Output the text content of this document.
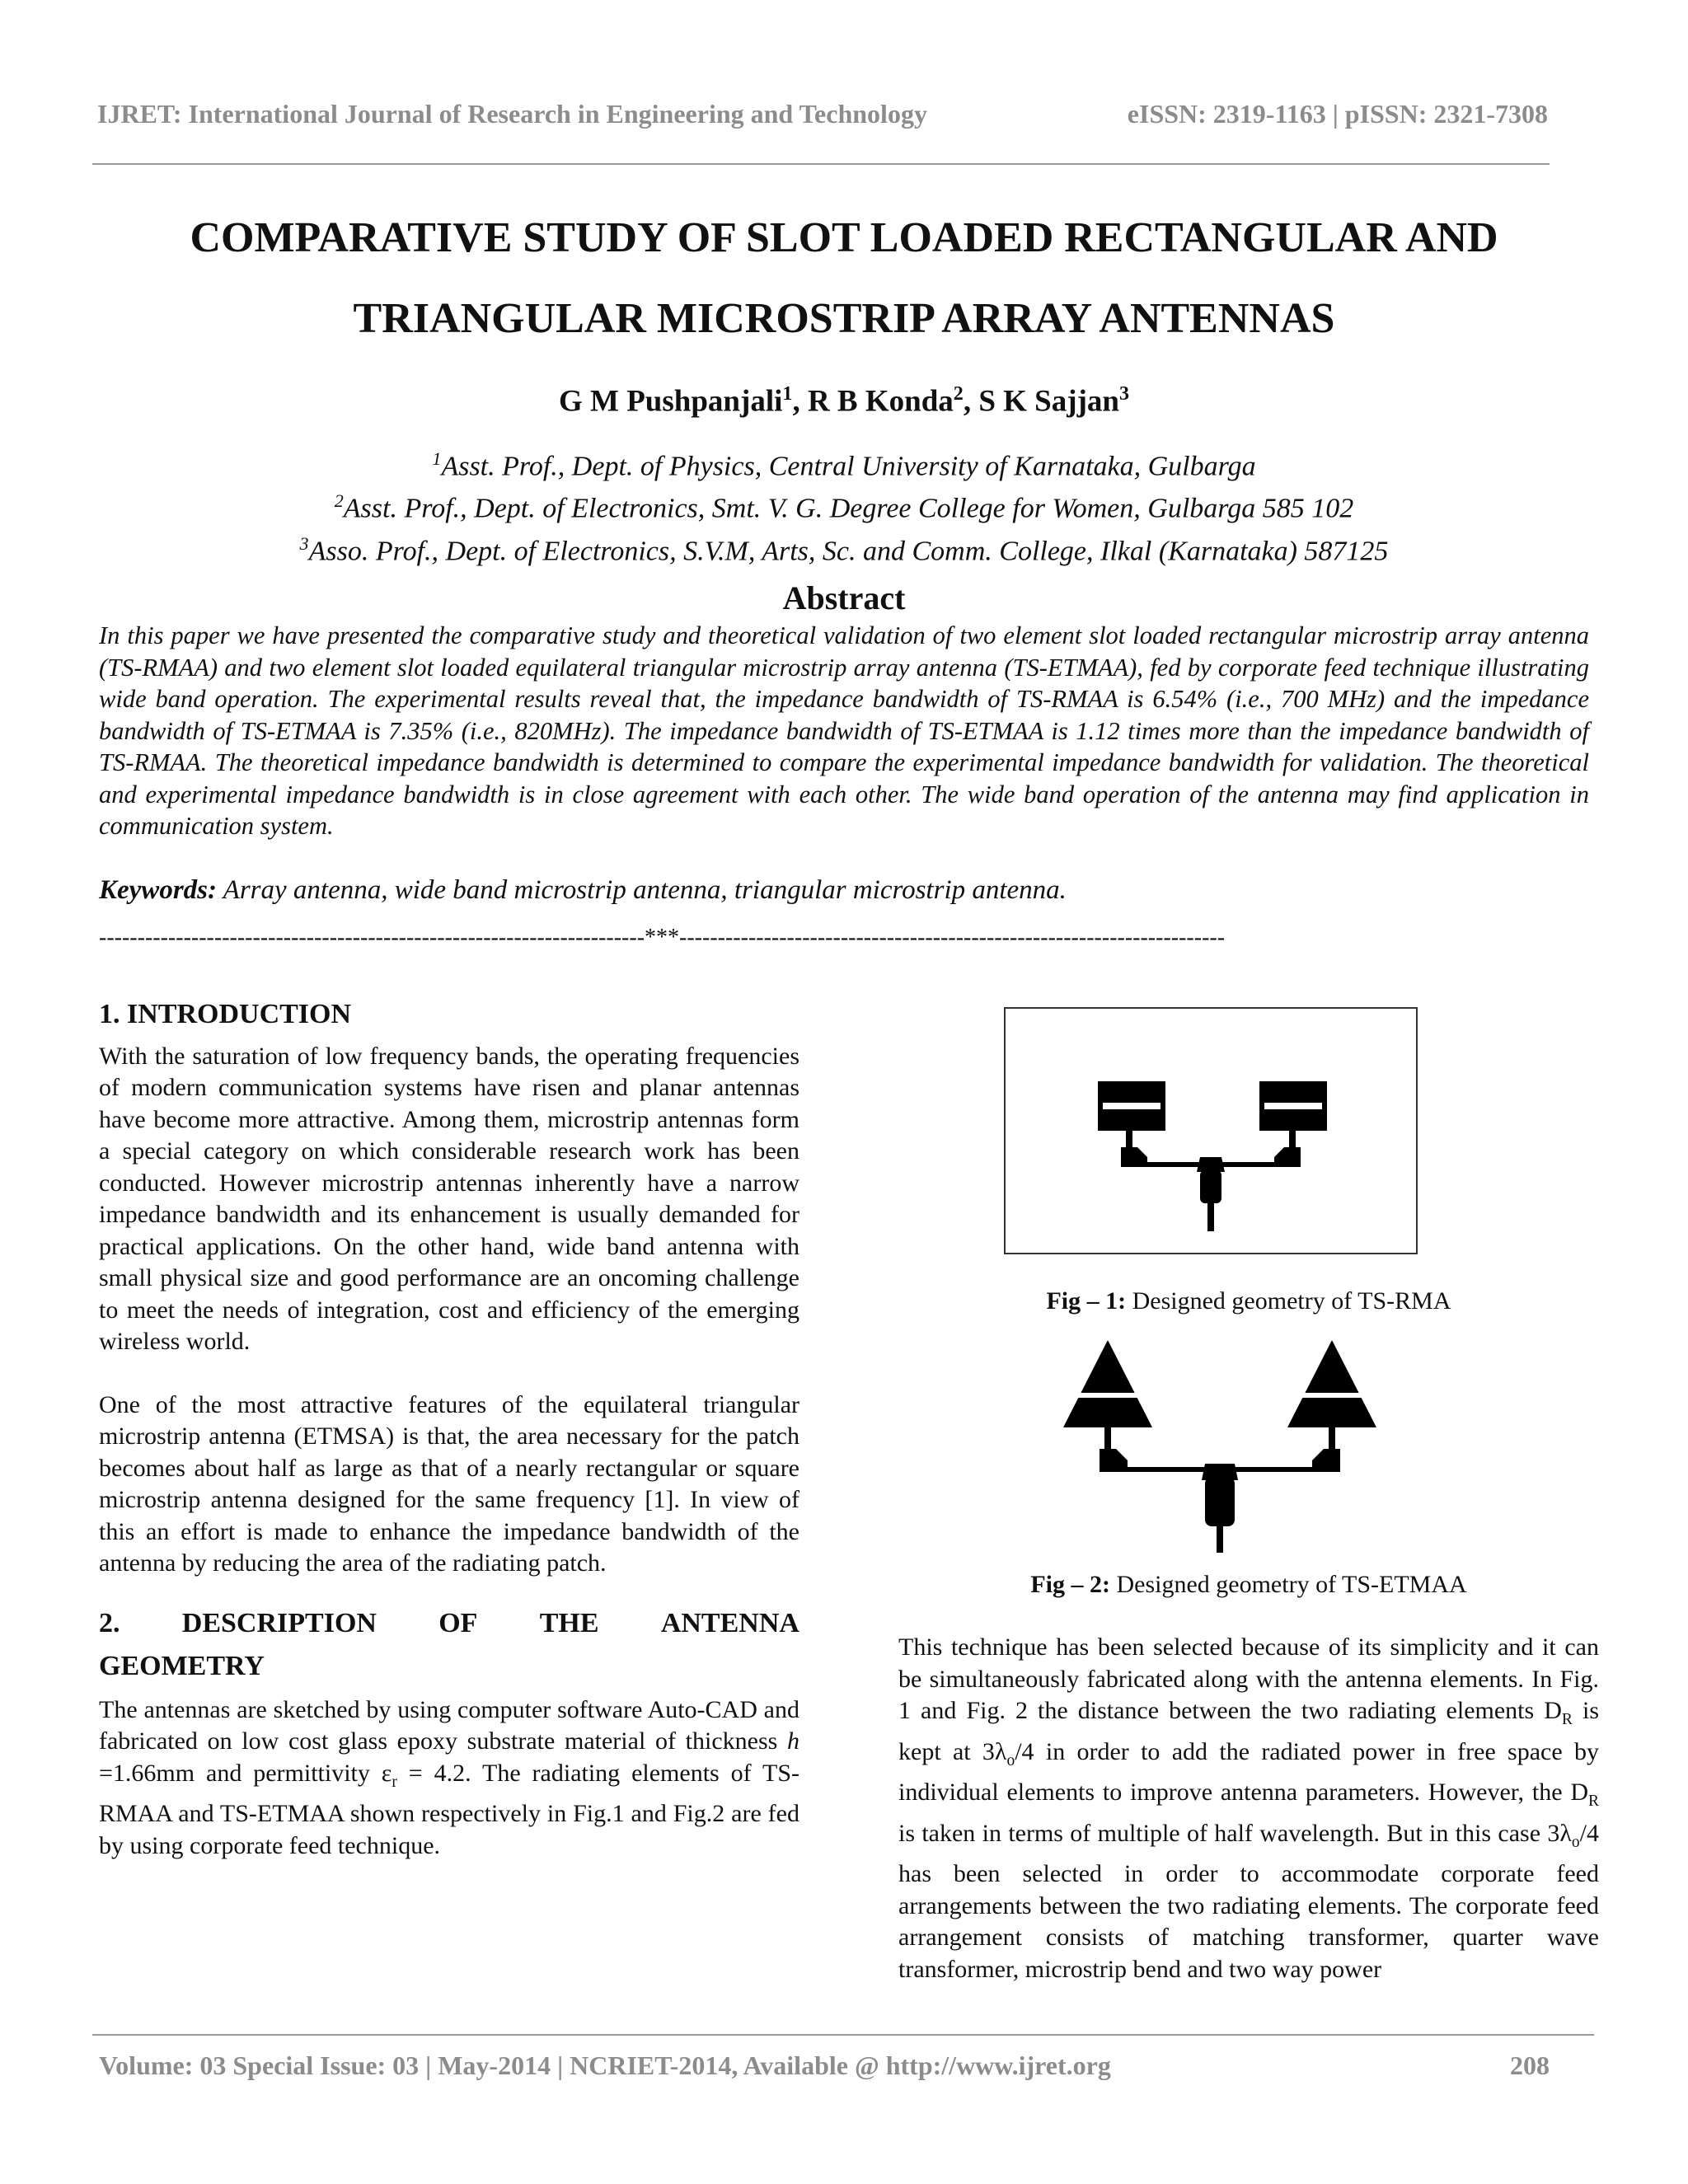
IJRET: International Journal of Research in Engineering and Technology	eISSN: 2319-1163 | pISSN: 2321-7308
COMPARATIVE STUDY OF SLOT LOADED RECTANGULAR AND
TRIANGULAR MICROSTRIP ARRAY ANTENNAS
G M Pushpanjali$^1$, R B Konda$^2$, S K Sajjan$^3$
$^1$Asst. Prof., Dept. of Physics, Central University of Karnataka, Gulbarga
$^2$Asst. Prof., Dept. of Electronics, Smt. V. G. Degree College for Women, Gulbarga 585 102
$^3$Asso. Prof., Dept. of Electronics, S.V.M, Arts, Sc. and Comm. College, Ilkal (Karnataka) 587125
Abstract
In this paper we have presented the comparative study and theoretical validation of two element slot loaded rectangular microstrip array antenna (TS-RMAA) and two element slot loaded equilateral triangular microstrip array antenna (TS-ETMAA), fed by corporate feed technique illustrating wide band operation. The experimental results reveal that, the impedance bandwidth of TS-RMAA is 6.54% (i.e., 700 MHz) and the impedance bandwidth of TS-ETMAA is 7.35% (i.e., 820MHz). The impedance bandwidth of TS-ETMAA is 1.12 times more than the impedance bandwidth of TS-RMAA. The theoretical impedance bandwidth is determined to compare the experimental impedance bandwidth for validation. The theoretical and experimental impedance bandwidth is in close agreement with each other. The wide band operation of the antenna may find application in communication system.
Keywords: Array antenna, wide band microstrip antenna, triangular microstrip antenna.
-----------------------------------------------------------------------***-----------------------------------------------------------------------
1. INTRODUCTION

With the saturation of low frequency bands, the operating frequencies of modern communication systems have risen and planar antennas have become more attractive. Among them, microstrip antennas form a special category on which considerable research work has been conducted. However microstrip antennas inherently have a narrow impedance bandwidth and its enhancement is usually demanded for practical applications. On the other hand, wide band antenna with small physical size and good performance are an oncoming challenge to meet the needs of integration, cost and efficiency of the emerging wireless world.

One of the most attractive features of the equilateral triangular microstrip antenna (ETMSA) is that, the area necessary for the patch becomes about half as large as that of a nearly rectangular or square microstrip antenna designed for the same frequency [1]. In view of this an effort is made to enhance the impedance bandwidth of the antenna by reducing the area of the radiating patch.

2. DESCRIPTION OF THE ANTENNA
GEOMETRY

The antennas are sketched by using computer software Auto-CAD and fabricated on low cost glass epoxy substrate material of thickness h =1.66mm and permittivity $\varepsilon_r = 4.2$. The radiating elements of TS-RMAA and TS-ETMAA shown respectively in Fig.1 and Fig.2 are fed by using corporate feed technique.

Fig – 1: Designed geometry of TS-RMA
Fig – 2: Designed geometry of TS-ETMAA

This technique has been selected because of its simplicity and it can be simultaneously fabricated along with the antenna elements. In Fig. 1 and Fig. 2 the distance between the two radiating elements $D_R$ is kept at $3\lambda_o/4$ in order to add the radiated power in free space by individual elements to improve antenna parameters. However, the $D_R$ is taken in terms of multiple of half wavelength. But in this case $3\lambda_o/4$ has been selected in order to accommodate corporate feed arrangements between the two radiating elements. The corporate feed arrangement consists of matching transformer, quarter wave transformer, microstrip bend and two way power

Volume: 03 Special Issue: 03 | May-2014 | NCRIET-2014, Available @ http://www.ijret.org	208
